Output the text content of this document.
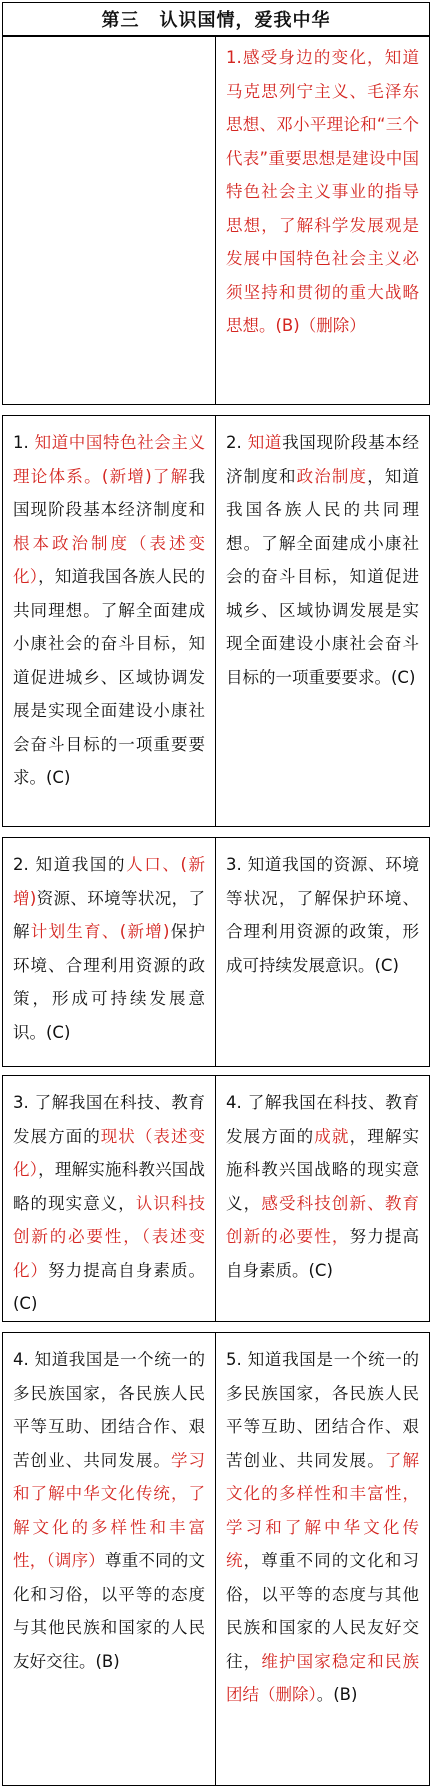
第三 认识国情，爱我中华
1.感受身边的变化，知道马克思列宁主义、毛泽东思想、邓小平理论和“三个代表”重要思想是建设中国特色社会主义事业的指导思想，了解科学发展观是发展中国特色社会主义必须坚持和贯彻的重大战略思想。(B)（删除）
1. 知道中国特色社会主义理论体系。(新增)了解我国现阶段基本经济制度和根本政治制度（表述变化），知道我国各族人民的共同理想。了解全面建成小康社会的奋斗目标，知道促进城乡、区域协调发展是实现全面建设小康社会奋斗目标的一项重要要求。(C)
2. 知道我国现阶段基本经济制度和政治制度，知道我国各族人民的共同理想。了解全面建成小康社会的奋斗目标，知道促进城乡、区域协调发展是实现全面建设小康社会奋斗目标的一项重要要求。(C)
2. 知道我国的人口、(新增)资源、环境等状况，了解计划生育、(新增)保护环境、合理利用资源的政策，形成可持续发展意识。(C)
3. 知道我国的资源、环境等状况，了解保护环境、合理利用资源的政策，形成可持续发展意识。(C)
3. 了解我国在科技、教育发展方面的现状（表述变化），理解实施科教兴国战略的现实意义，认识科技创新的必要性，（表述变化）努力提高自身素质。(C)
4. 了解我国在科技、教育发展方面的成就，理解实施科教兴国战略的现实意义，感受科技创新、教育创新的必要性，努力提高自身素质。(C)
4. 知道我国是一个统一的多民族国家，各民族人民平等互助、团结合作、艰苦创业、共同发展。学习和了解中华文化传统，了解文化的多样性和丰富性，（调序）尊重不同的文化和习俗，以平等的态度与其他民族和国家的人民友好交往。(B)
5. 知道我国是一个统一的多民族国家，各民族人民平等互助、团结合作、艰苦创业、共同发展。了解文化的多样性和丰富性，学习和了解中华文化传统，尊重不同的文化和习俗，以平等的态度与其他民族和国家的人民友好交往，维护国家稳定和民族团结（删除）。(B)
